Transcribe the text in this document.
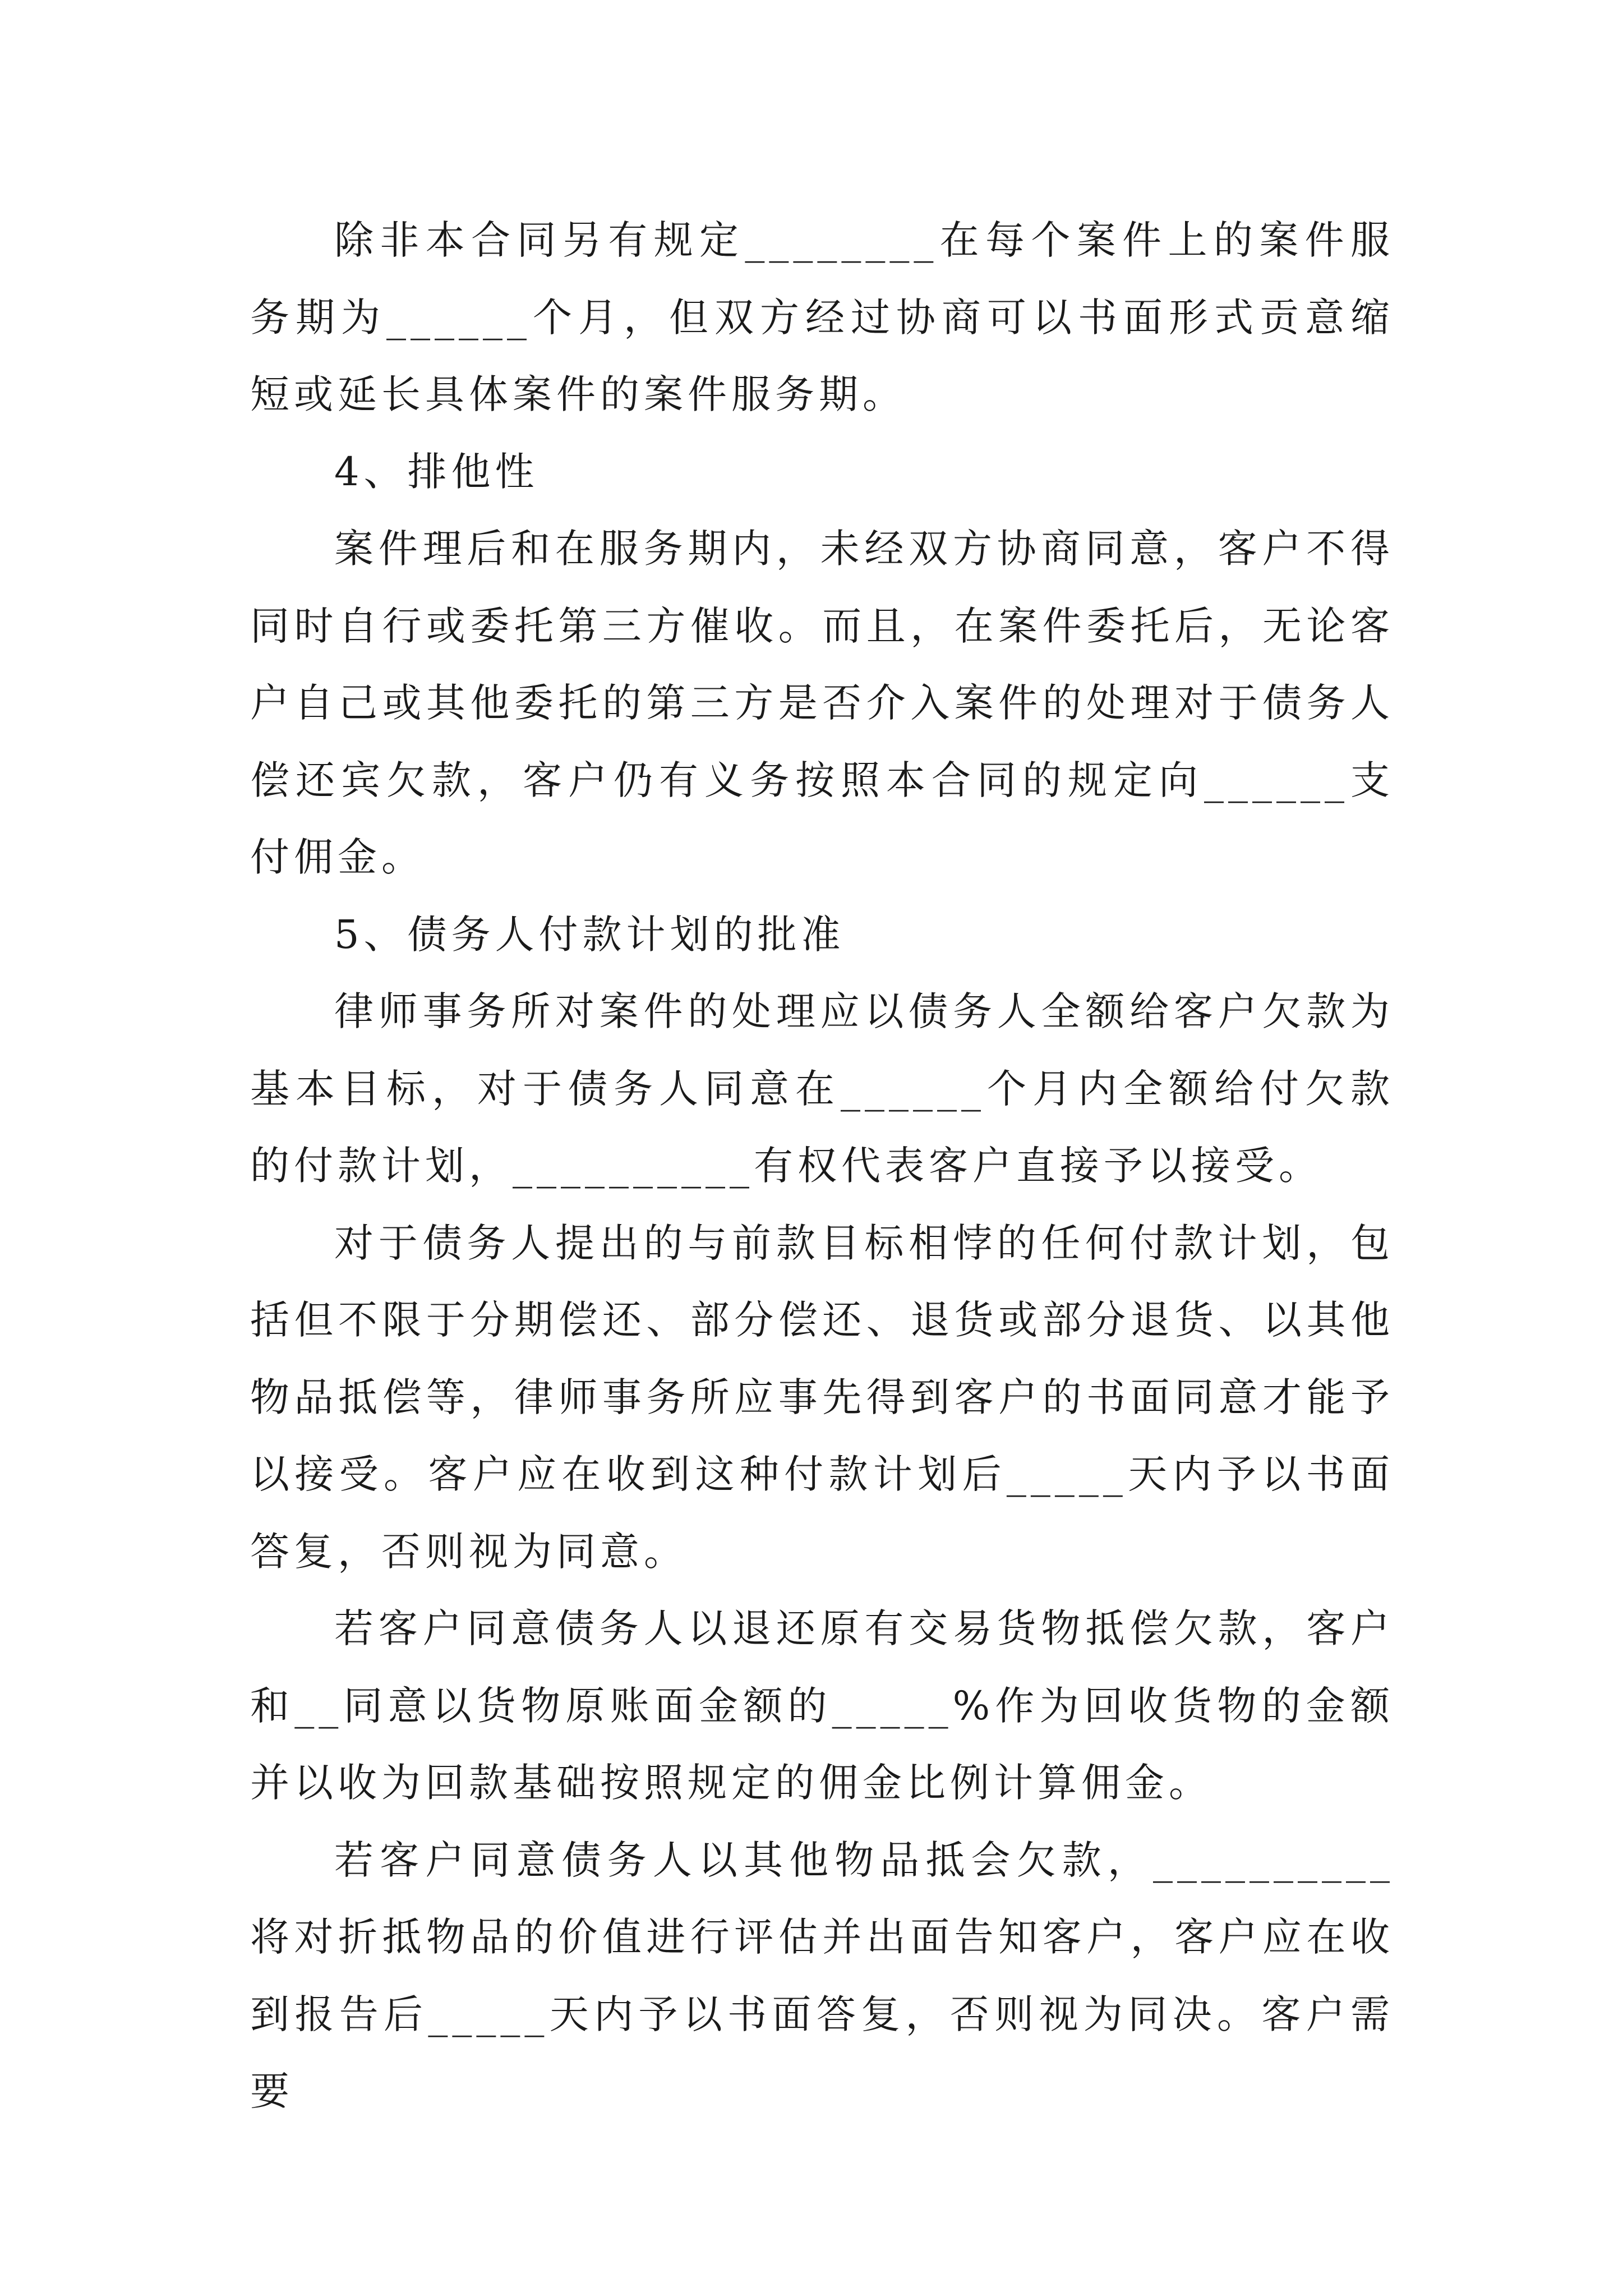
除非本合同另有规定________在每个案件上的案件服务期为______个月，但双方经过协商可以书面形式贡意缩短或延长具体案件的案件服务期。

4、排他性

案件理后和在服务期内，未经双方协商同意，客户不得同时自行或委托第三方催收。而且，在案件委托后，无论客户自己或其他委托的第三方是否介入案件的处理对于债务人偿还宾欠款，客户仍有义务按照本合同的规定向______支付佣金。

5、债务人付款计划的批准

律师事务所对案件的处理应以债务人全额给客户欠款为基本目标，对于债务人同意在______个月内全额给付欠款的付款计划，__________有权代表客户直接予以接受。

对于债务人提出的与前款目标相悖的任何付款计划，包括但不限于分期偿还、部分偿还、退货或部分退货、以其他物品抵偿等，律师事务所应事先得到客户的书面同意才能予以接受。客户应在收到这种付款计划后_____天内予以书面答复，否则视为同意。

若客户同意债务人以退还原有交易货物抵偿欠款，客户和__同意以货物原账面金额的_____%作为回收货物的金额并以收为回款基础按照规定的佣金比例计算佣金。

若客户同意债务人以其他物品抵会欠款，__________将对折抵物品的价值进行评估并出面告知客户，客户应在收到报告后_____天内予以书面答复，否则视为同决。客户需要
